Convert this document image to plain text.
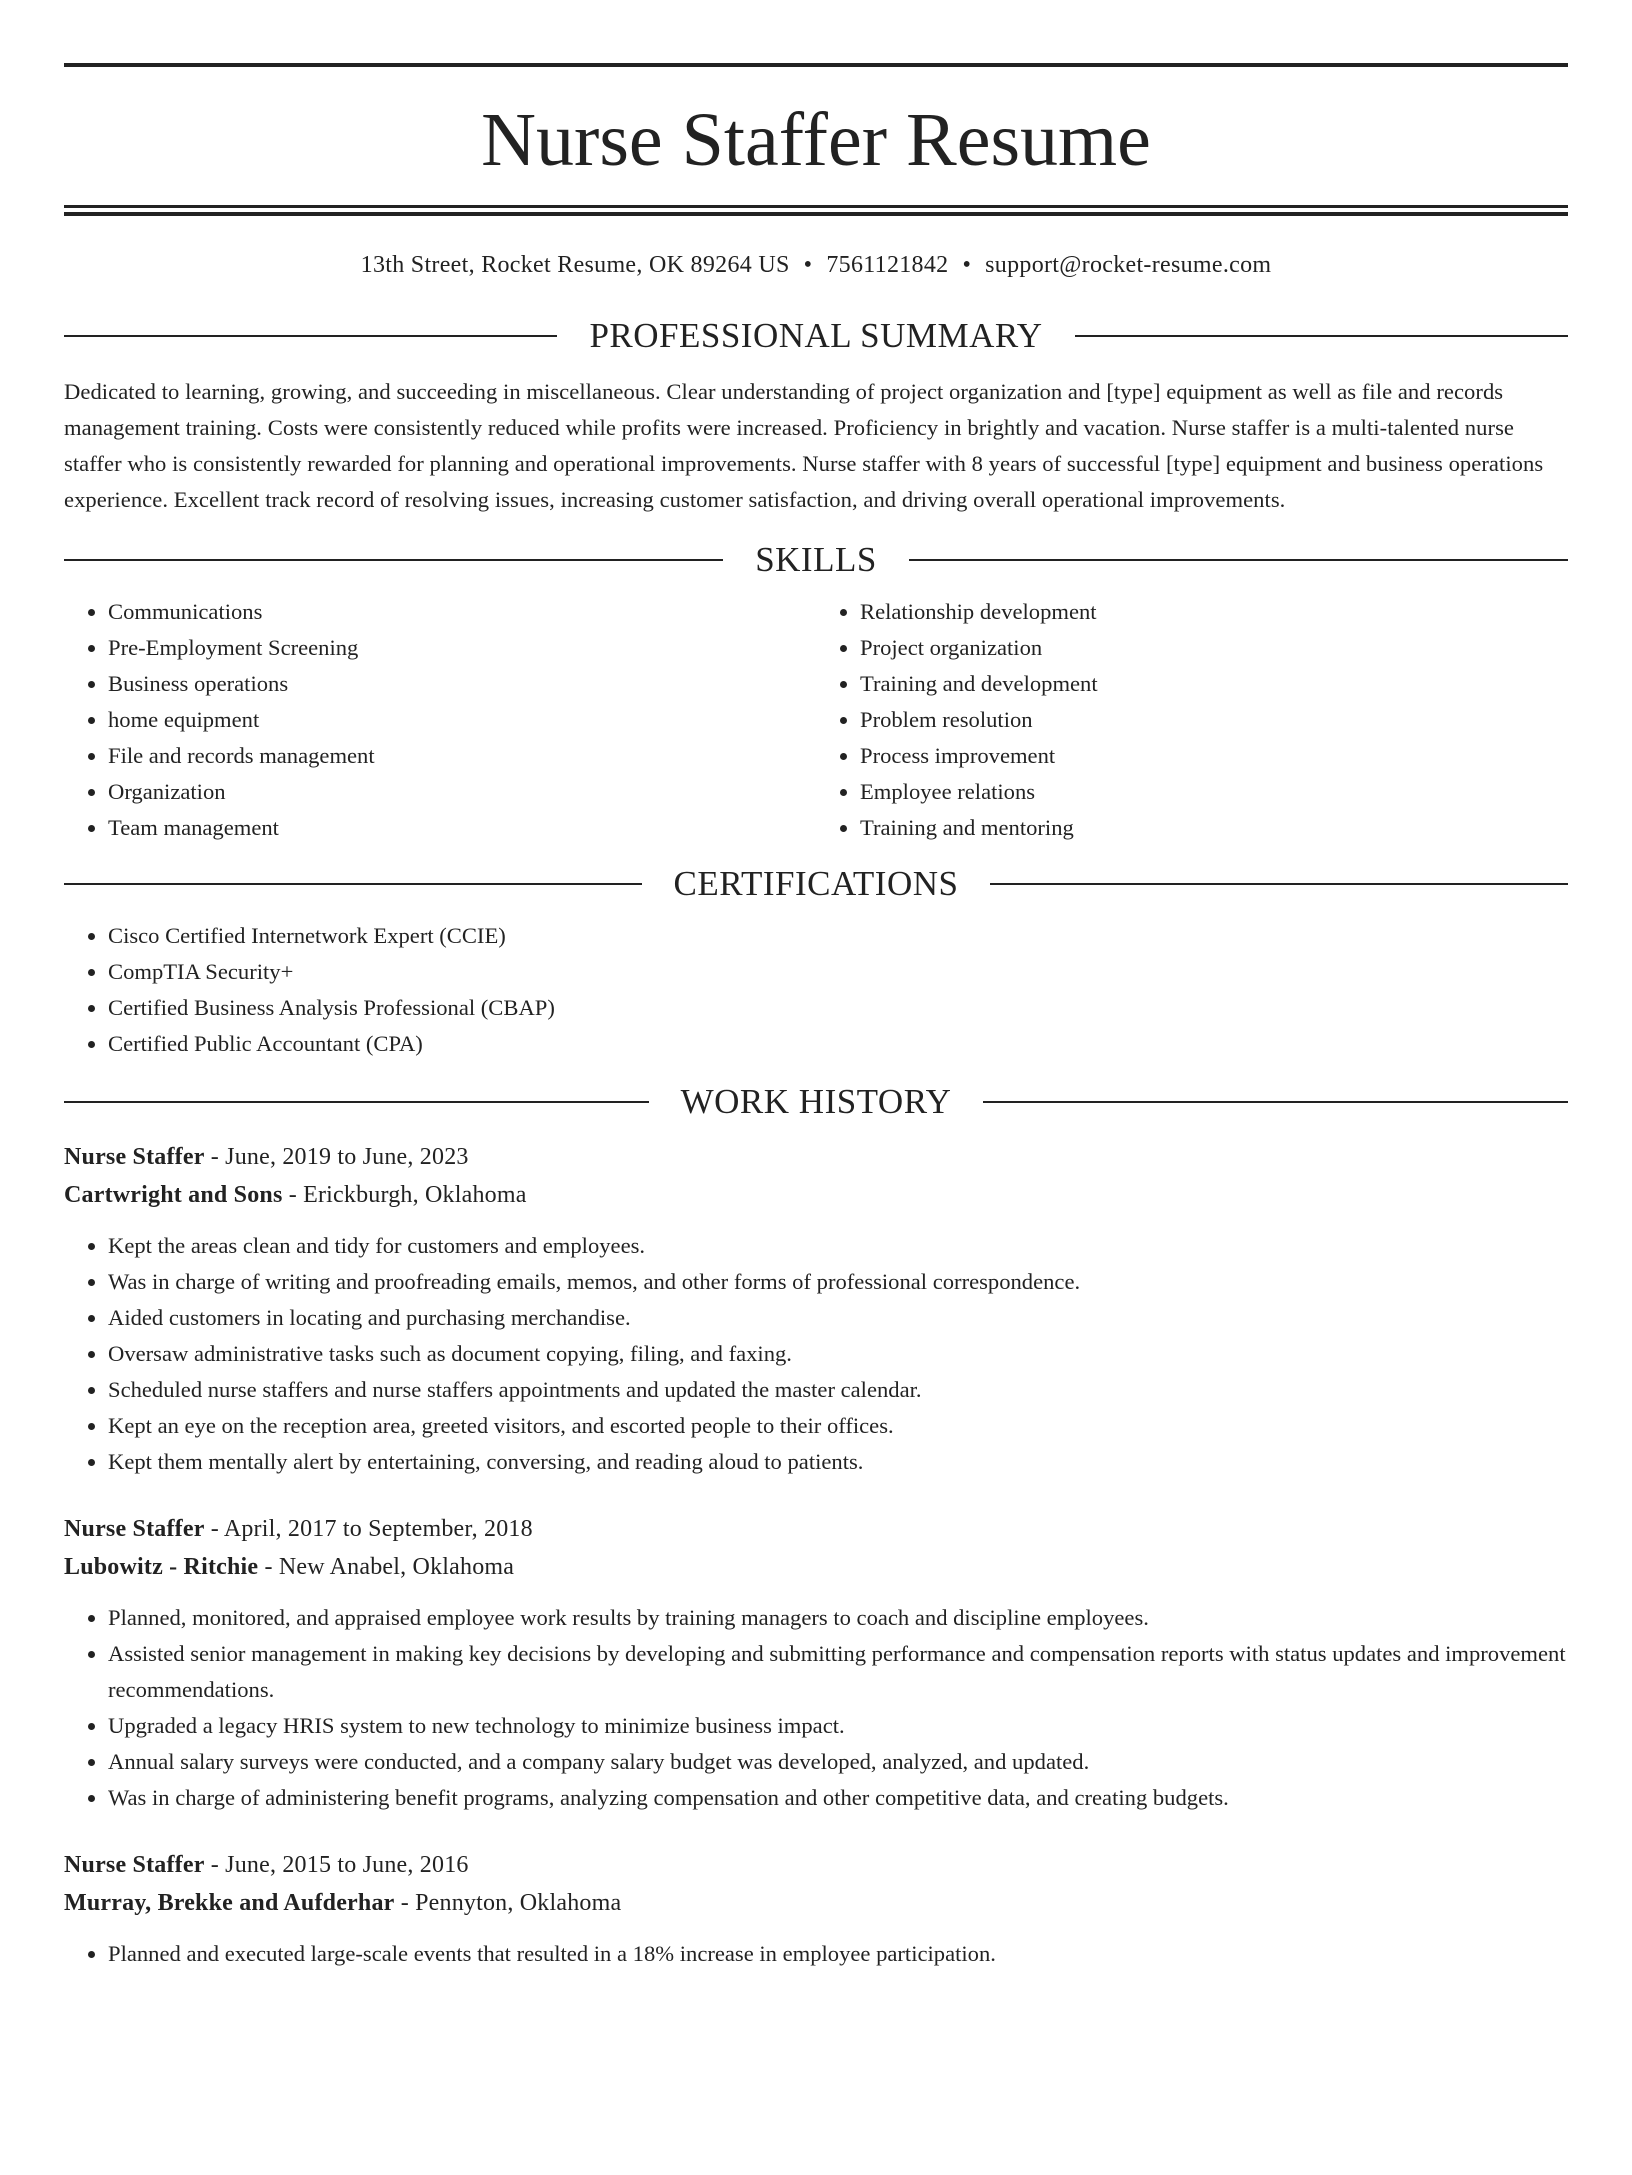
Nurse Staffer Resume
13th Street, Rocket Resume, OK 89264 US • 7561121842 • support@rocket-resume.com
PROFESSIONAL SUMMARY
Dedicated to learning, growing, and succeeding in miscellaneous. Clear understanding of project organization and [type] equipment as well as file and records management training. Costs were consistently reduced while profits were increased. Proficiency in brightly and vacation. Nurse staffer is a multi-talented nurse staffer who is consistently rewarded for planning and operational improvements. Nurse staffer with 8 years of successful [type] equipment and business operations experience. Excellent track record of resolving issues, increasing customer satisfaction, and driving overall operational improvements.
SKILLS
• Communications
• Pre-Employment Screening
• Business operations
• home equipment
• File and records management
• Organization
• Team management
• Relationship development
• Project organization
• Training and development
• Problem resolution
• Process improvement
• Employee relations
• Training and mentoring
CERTIFICATIONS
• Cisco Certified Internetwork Expert (CCIE)
• CompTIA Security+
• Certified Business Analysis Professional (CBAP)
• Certified Public Accountant (CPA)
WORK HISTORY
Nurse Staffer - June, 2019 to June, 2023
Cartwright and Sons - Erickburgh, Oklahoma
• Kept the areas clean and tidy for customers and employees.
• Was in charge of writing and proofreading emails, memos, and other forms of professional correspondence.
• Aided customers in locating and purchasing merchandise.
• Oversaw administrative tasks such as document copying, filing, and faxing.
• Scheduled nurse staffers and nurse staffers appointments and updated the master calendar.
• Kept an eye on the reception area, greeted visitors, and escorted people to their offices.
• Kept them mentally alert by entertaining, conversing, and reading aloud to patients.
Nurse Staffer - April, 2017 to September, 2018
Lubowitz - Ritchie - New Anabel, Oklahoma
• Planned, monitored, and appraised employee work results by training managers to coach and discipline employees.
• Assisted senior management in making key decisions by developing and submitting performance and compensation reports with status updates and improvement recommendations.
• Upgraded a legacy HRIS system to new technology to minimize business impact.
• Annual salary surveys were conducted, and a company salary budget was developed, analyzed, and updated.
• Was in charge of administering benefit programs, analyzing compensation and other competitive data, and creating budgets.
Nurse Staffer - June, 2015 to June, 2016
Murray, Brekke and Aufderhar - Pennyton, Oklahoma
• Planned and executed large-scale events that resulted in a 18% increase in employee participation.
